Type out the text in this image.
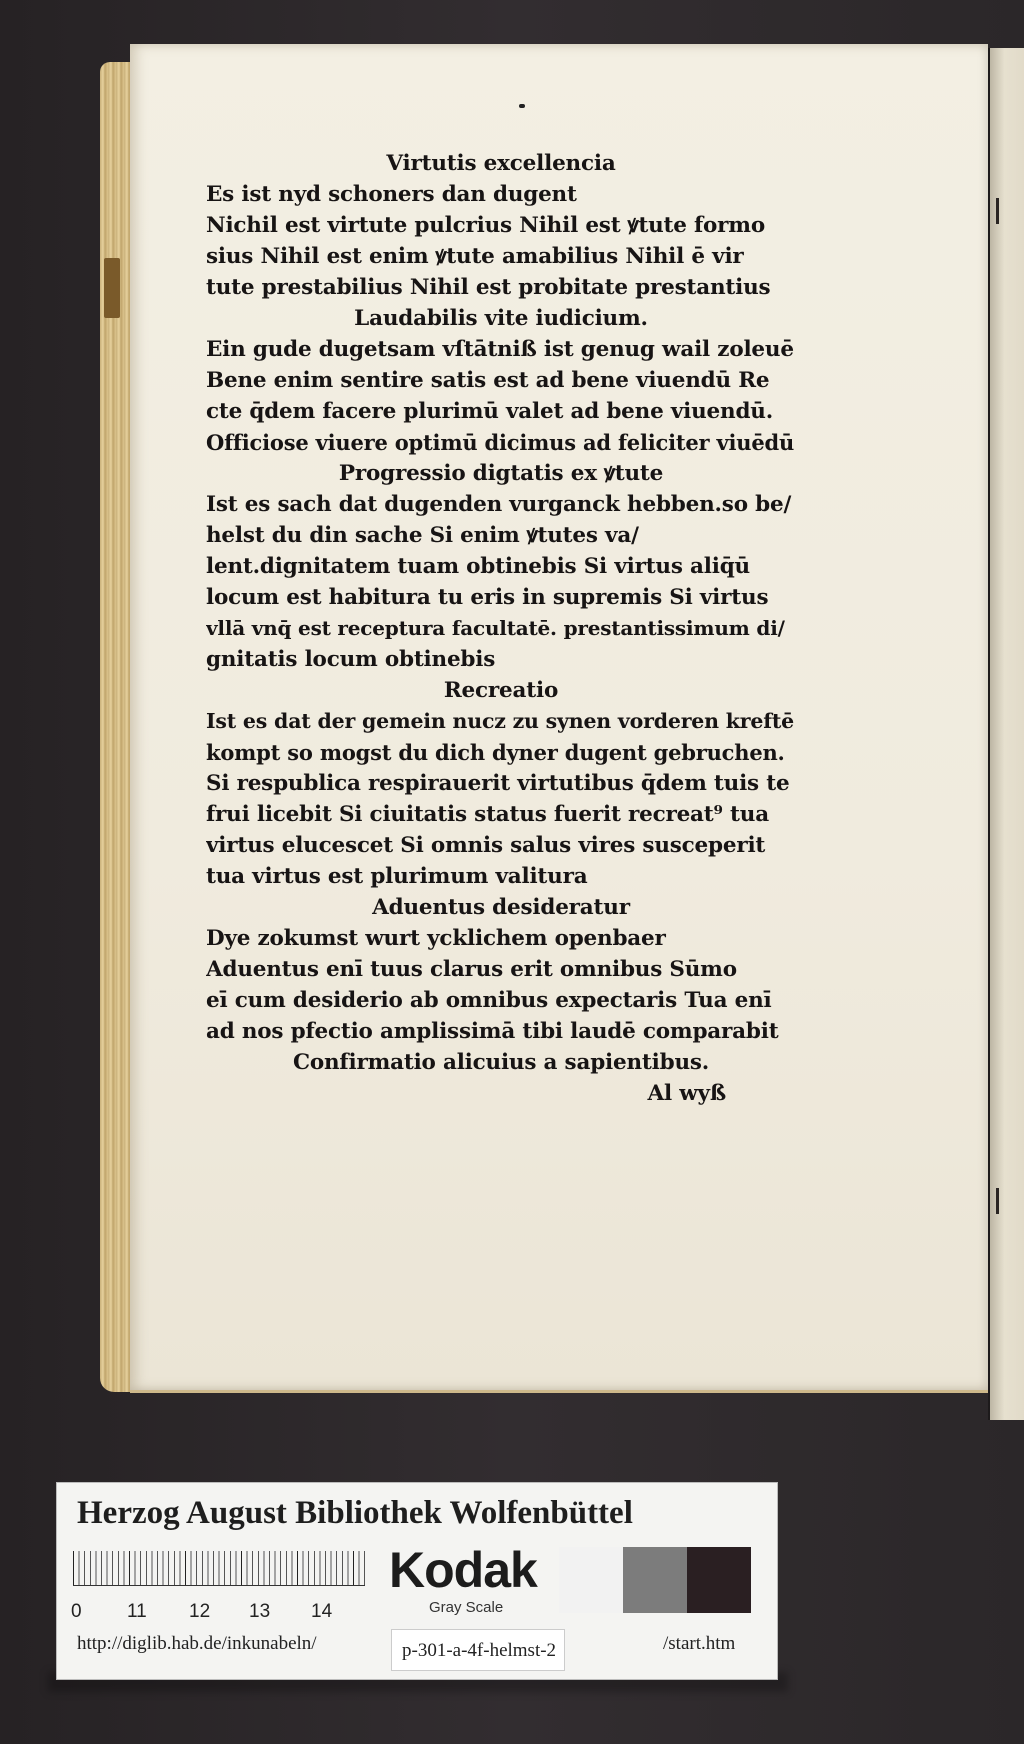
Virtutis excellencia
Es ist nyd schoners dan dugent
Nichil est virtute pulcrius Nihil est ꝟtute formo
sius Nihil est enim ꝟtute amabilius Nihil ē vir
tute prestabilius Nihil est probitate prestantius
Laudabilis vite iudicium.
Ein gude dugetsam vſtātniß ist genug wail zoleuē
Bene enim sentire satis est ad bene viuendū Re
cte q̄dem facere plurimū valet ad bene viuendū.
Officiose viuere optimū dicimus ad feliciter viuēdū
Progressio digtatis ex ꝟtute
Ist es sach dat dugenden vurganck hebben.so be/
helst du din sache Si enim ꝟtutes va/
lent.dignitatem tuam obtinebis Si virtus aliq̄ū
locum est habitura tu eris in supremis Si virtus
vllā vnq̄ est receptura facultatē. prestantissimum di/
gnitatis locum obtinebis
Recreatio
Ist es dat der gemein nucz zu synen vorderen kreftē
kompt so mogst du dich dyner dugent gebruchen.
Si respublica respirauerit virtutibus q̄dem tuis te
frui licebit Si ciuitatis status fuerit recreat⁹ tua
virtus elucescet Si omnis salus vires susceperit
tua virtus est plurimum valitura
Aduentus desideratur
Dye zokumst wurt ycklichem openbaer
Aduentus enī tuus clarus erit omnibus Sūmo
eī cum desiderio ab omnibus expectaris Tua enī
ad nos pfectio amplissimā tibi laudē comparabit
Confirmatio alicuius a sapientibus.
Al wyß
Herzog August Bibliothek Wolfenbüttel
0 11 12 13 14
Kodak
Gray Scale
http://diglib.hab.de/inkunabeln/	p-301-a-4f-helmst-2	/start.htm
